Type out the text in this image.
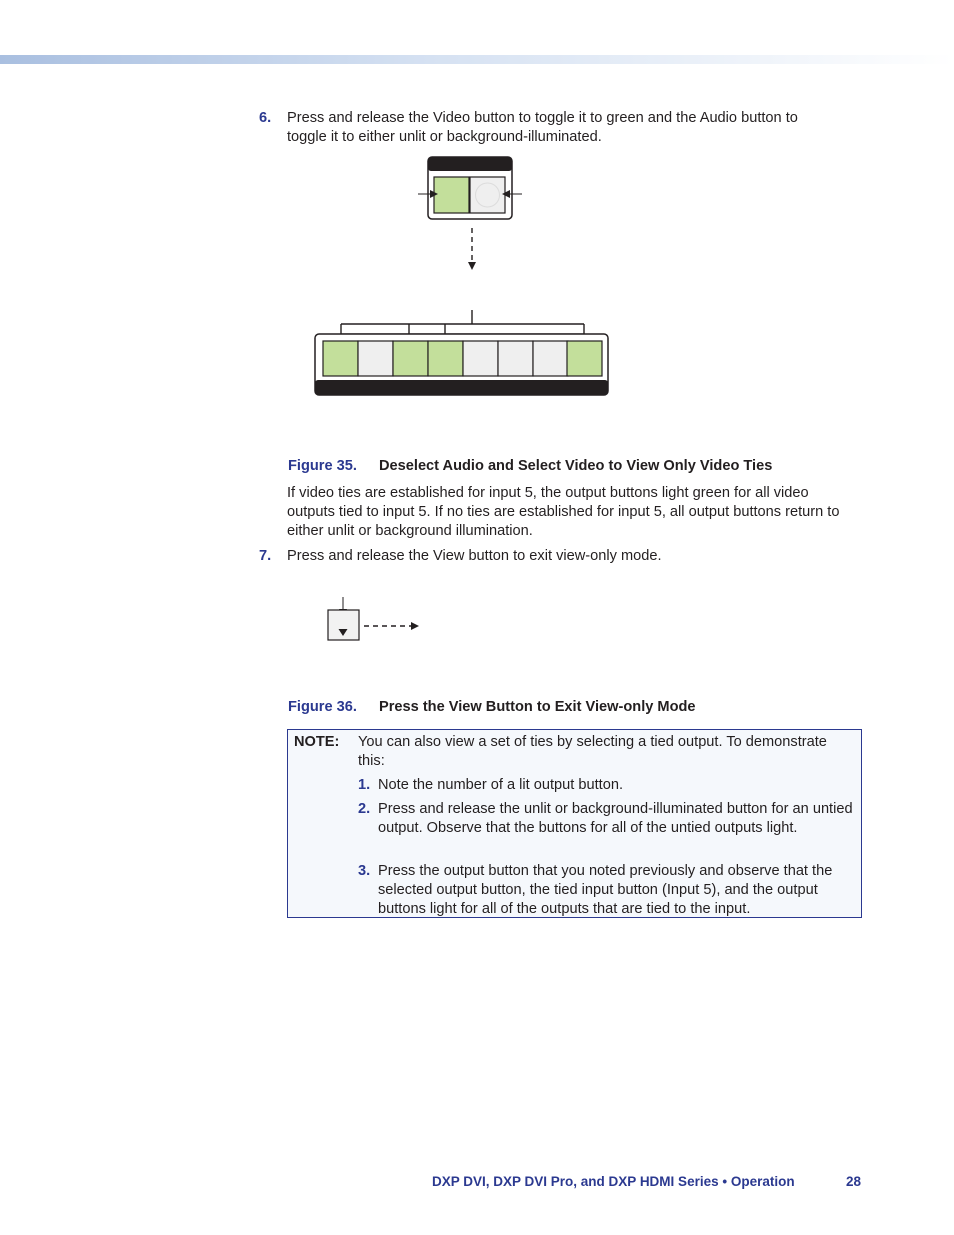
6. Press and release the Video button to toggle it to green and the Audio button to toggle it to either unlit or background-illuminated.
Figure 35. Deselect Audio and Select Video to View Only Video Ties
If video ties are established for input 5, the output buttons light green for all video outputs tied to input 5. If no ties are established for input 5, all output buttons return to either unlit or background illumination.
7. Press and release the View button to exit view-only mode.
Figure 36. Press the View Button to Exit View-only Mode
NOTE: You can also view a set of ties by selecting a tied output. To demonstrate this:
1. Note the number of a lit output button.
2. Press and release the unlit or background-illuminated button for an untied output. Observe that the buttons for all of the untied outputs light.
3. Press the output button that you noted previously and observe that the selected output button, the tied input button (Input 5), and the output buttons light for all of the outputs that are tied to the input.
DXP DVI, DXP DVI Pro, and DXP HDMI Series • Operation	28
